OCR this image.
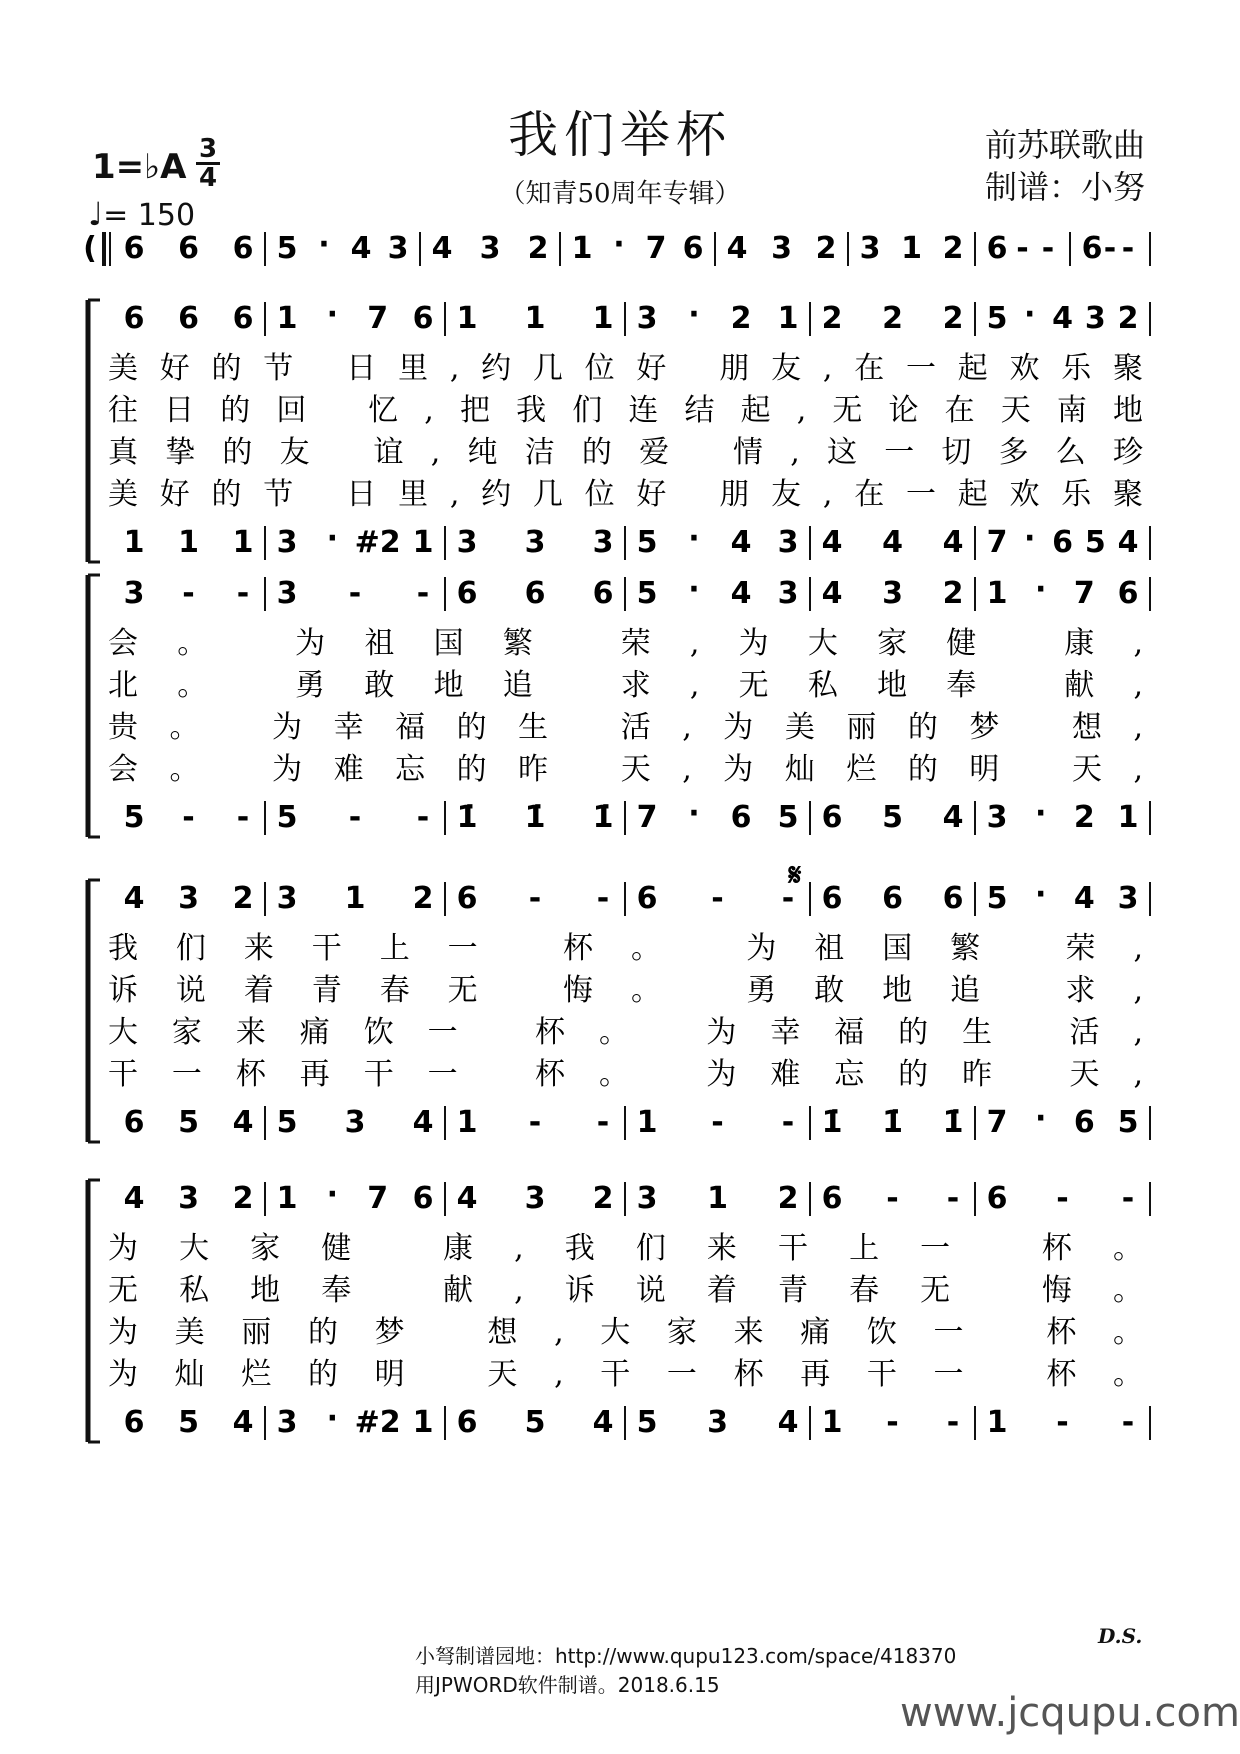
我们举杯
（知青50周年专辑）
前苏联歌曲
制谱：小努
1=♭A 3
4
♩= 150
D.S.
小弩制谱园地：http://www.qupu123.com/space/418370
用JPWORD软件制谱。2018.6.15
www.jcqupu.com
( 6 6 6 5 · 4 3 4 3 2 1 · 7 6 4 3 2 3 1 2 6 - - 6 - -
6 6 6 1 · 7 6 1 1 1 3 · 2 1 2 2 2 5 · 4 3 2
1 1 1 3 · #2 1 3 3 3 5 · 4 3 4 4 4 7 · 6 5 4
美好的节 日里,约几位好 朋友,在一起欢乐聚
往日的回 忆,把我们连结起,无论在天南地
真挚的友 谊,纯洁的爱 情,这一切多么珍
美好的节 日里,约几位好 朋友,在一起欢乐聚
3 - - 3 - - 6 6 6 5 · 4 3 4 3 2 1 · 7 6
5 - - 5 - - 1̇ 1̇ 1̇ 7 · 6 5 6 5 4 3 · 2 1
会。 为祖国繁 荣,为大家健 康,
北。 勇敢地追 求,无私地奉 献,
贵。 为幸福的生 活,为美丽的梦 想,
会。 为难忘的昨 天,为灿烂的明 天,
4 3 2 3 1 2 6 - - 6 - - 6 6 6 5 · 4 3
6 5 4 5 3 4 1 - - 1 - - 1̇ 1̇ 1̇ 7 · 6 5
我们来干上一 杯。 为祖国繁 荣,
诉说着青春无 悔。 勇敢地追 求,
大家来痛饮一 杯。 为幸福的生 活,
干一杯再干一 杯。 为难忘的昨 天,
4 3 2 1 · 7 6 4 3 2 3 1 2 6 - - 6 - -
6 5 4 3 · #2 1 6 5 4 5 3 4 1 - - 1 - -
为大家健 康,我们来干上一 杯。
无私地奉 献,诉说着青春无 悔。
为美丽的梦 想,大家来痛饮一 杯。
为灿烂的明 天,干一杯再干一 杯。
𝄋
